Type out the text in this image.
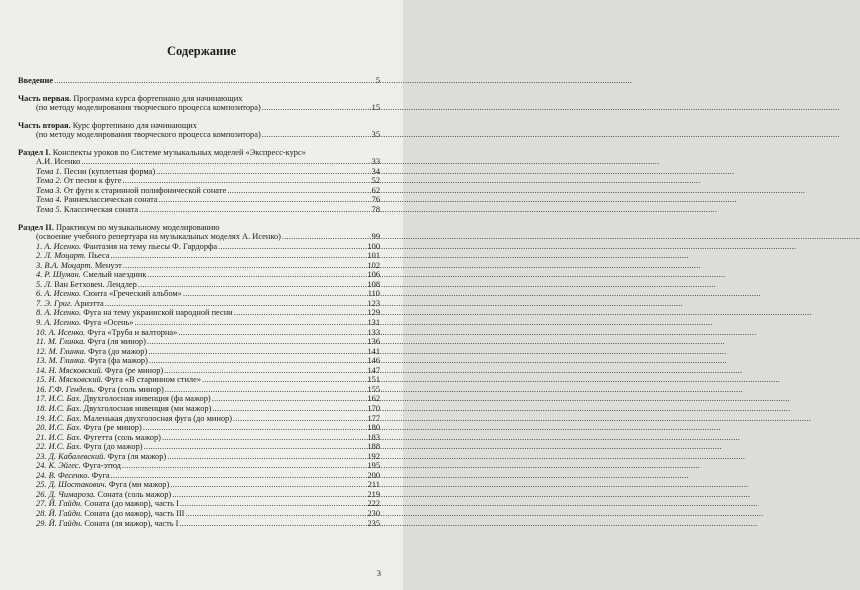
Содержание
Введение .....	5
Часть первая. Программа курса фортепиано для начинающих
(по методу моделирования творческого процесса композитора) .....	15
Часть вторая. Курс фортепиано для начинающих
(по методу моделирования творческого процесса композитора) .....	35
Раздел I. Конспекты уроков по Системе музыкальных моделей «Экспресс-курс»
А.И. Исенко .....	33
Тема 1. Песни (куплетная форма) .....	34
Тема 2. От песни к фуге .....	52
Тема 3. От фуги к старинной полифонической сонате .....	62
Тема 4. Раннеклассическая соната .....	76
Тема 5. Классическая соната .....	78
Раздел II. Практикум по музыкальному моделированию
(освоение учебного репертуара на музыкальных моделях А. Исенко) .....	99
1. А. Исенко. Фантазия на тему пьесы Ф. Гардорфа .....	100
2. Л. Моцарт. Пьеса .....	101
3. В.А. Моцарт. Менуэт .....	102
4. Р. Шуман. Смелый наездник .....	106
5. Л. Ван Бетховен. Лендлер .....	108
6. А. Исенко. Сюита «Греческий альбом» .....	110
7. Э. Григ. Ариэтта .....	123
8. А. Исенко. Фуга на тему украинской народной песни .....	129
9. А. Исенко. Фуга «Осень» .....	131
10. А. Исенко. Фуга «Труба и валторна» .....	133
11. М. Глинка. Фуга (ля минор) .....	136
12. М. Глинка. Фуга (до мажор) .....	141
13. М. Глинка. Фуга (фа мажор) .....	146
14. Н. Мясковский. Фуга (ре минор) .....	147
15. Н. Мясковский. Фуга «В старинном стиле» .....	151
16. Г.Ф. Гендель. Фуга (соль минор) .....	155
17. И.С. Бах. Двухголосная инвенция (фа мажор) .....	162
18. И.С. Бах. Двухголосная инвенция (ми мажор) .....	170
19. И.С. Бах. Маленькая двухголосная фуга (до минор) .....	177
20. И.С. Бах. Фуга (ре минор) .....	180
21. И.С. Бах. Фугетта (соль мажор) .....	183
22. И.С. Бах. Фуга (до мажор) .....	188
23. Д. Кабалевский. Фуга (ля мажор) .....	192
24. К. Эйгес. Фуга-этюд .....	195
24. В. Фесенко. Фуга .....	200
25. Д. Шостакович. Фуга (ми мажор) .....	211
26. Д. Чимароза. Соната (соль мажор) .....	219
27. Й. Гайдн. Соната (до мажор), часть I .....	222
28. Й. Гайдн. Соната (до мажор), часть III .....	230
29. Й. Гайдн. Соната (ля мажор), часть I .....	235
3
